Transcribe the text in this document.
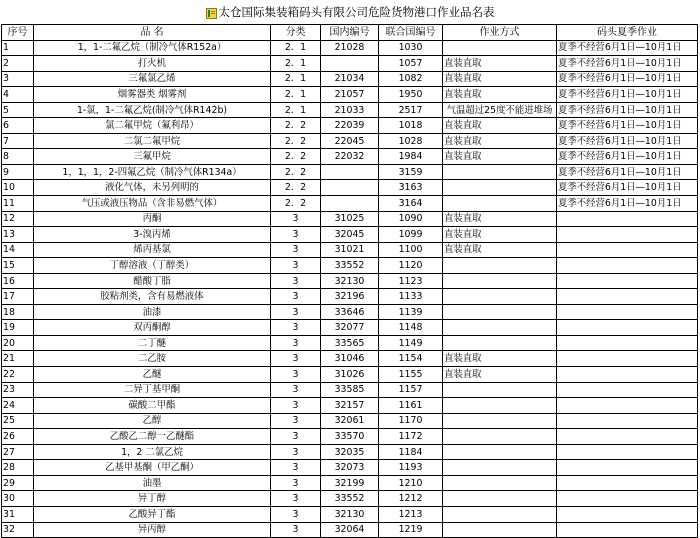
太仓国际集装箱码头有限公司危险货物港口作业品名表
序号	品 名	分类	国内编号	联合国编号	作业方式	码头夏季作业
1	1，1-二氟乙烷（制冷气体R152a）	2．1	21028	1030		夏季不经营6月1日—10月1日
2	打火机	2．1		1057	直装直取	夏季不经营6月1日—10月1日
3	三氟氯乙烯	2．1	21034	1082	直装直取	夏季不经营6月1日—10月1日
4	烟雾器类 烟雾剂	2．1	21057	1950	直装直取	夏季不经营6月1日—10月1日
5	1-氯，1-二氟乙烷(制冷气体R142b)	2．1	21033	2517	气温超过25度不能进堆场	夏季不经营6月1日—10月1日
6	氯二氟甲烷（氟利昂）	2．2	22039	1018	直装直取	夏季不经营6月1日—10月1日
7	二氯二氟甲烷	2．2	22045	1028	直装直取	夏季不经营6月1日—10月1日
8	三氟甲烷	2．2	22032	1984	直装直取	夏季不经营6月1日—10月1日
9	1，1，1，2-四氟乙烷（制冷气体R134a）	2．2		3159		夏季不经营6月1日—10月1日
10	液化气体，未另列明的	2．2		3163		夏季不经营6月1日—10月1日
11	气压或液压物品（含非易燃气体）	2．2		3164		夏季不经营6月1日—10月1日
12	丙酮	3	31025	1090	直装直取	
13	3-溴丙烯	3	32045	1099	直装直取	
14	烯丙基氯	3	31021	1100	直装直取	
15	丁醇溶液（丁醇类）	3	33552	1120		
16	醋酸丁脂	3	32130	1123		
17	胶粘剂类，含有易燃液体	3	32196	1133		
18	油漆	3	33646	1139		
19	双丙酮醇	3	32077	1148		
20	二丁醚	3	33565	1149		
21	二乙胺	3	31046	1154	直装直取	
22	乙醚	3	31026	1155	直装直取	
23	二异丁基甲酮	3	33585	1157		
24	碳酸二甲酯	3	32157	1161		
25	乙醇	3	32061	1170		
26	乙酸乙二醇一乙醚酯	3	33570	1172		
27	1，2 二氯乙烷	3	32035	1184		
28	乙基甲基酮（甲乙酮）	3	32073	1193		
29	油墨	3	32199	1210		
30	异丁醇	3	33552	1212		
31	乙酸异丁酯	3	32130	1213		
32	异丙醇	3	32064	1219		
